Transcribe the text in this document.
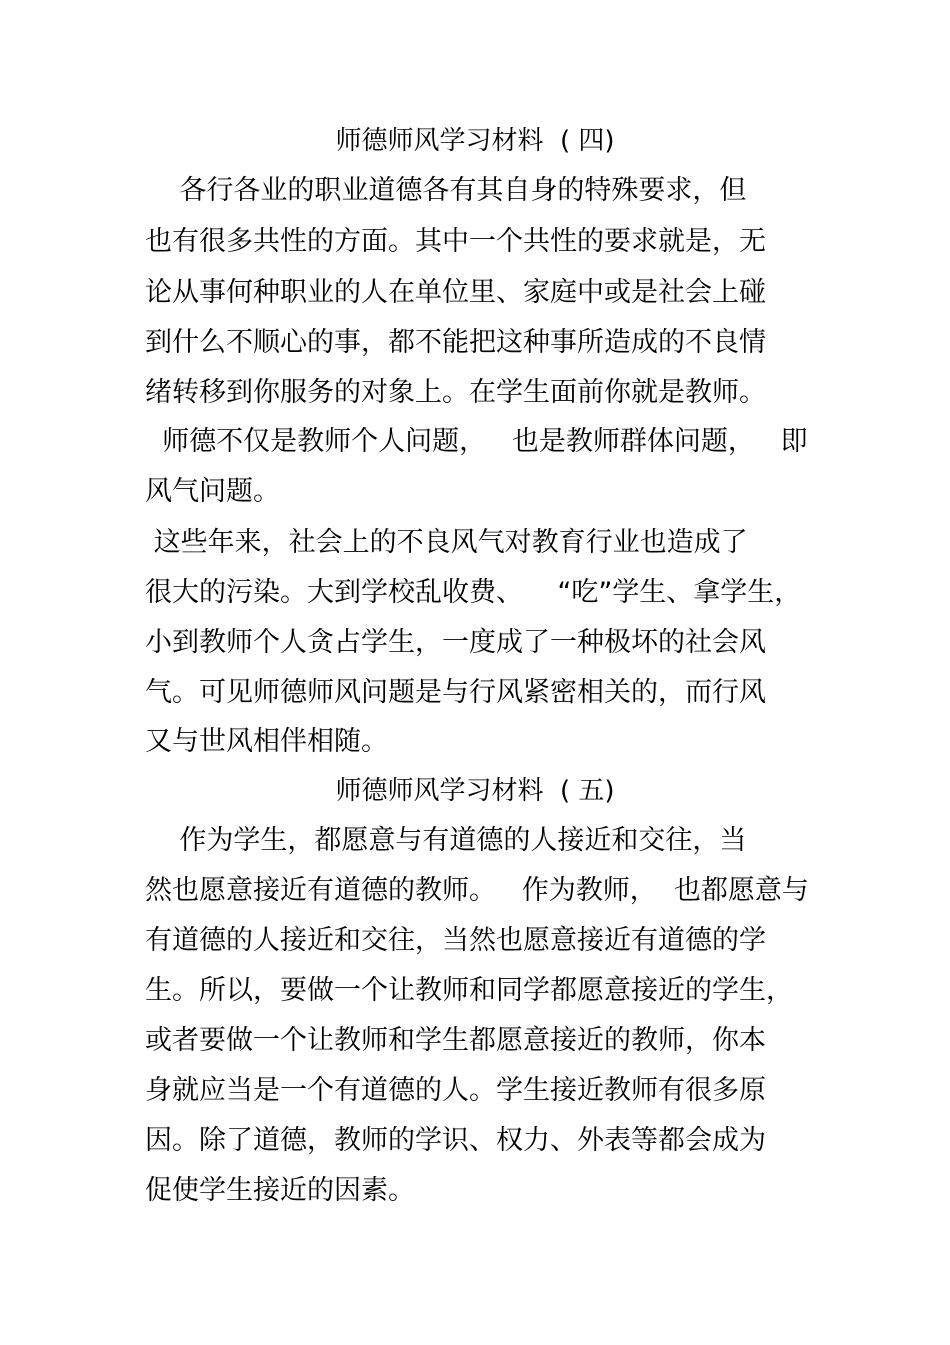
师德师风学习材料  ( 四)
各行各业的职业道德各有其自身的特殊要求，但
也有很多共性的方面。其中一个共性的要求就是，无
论从事何种职业的人在单位里、家庭中或是社会上碰
到什么不顺心的事，都不能把这种事所造成的不良情
绪转移到你服务的对象上。在学生面前你就是教师。
师德不仅是教师个人问题，   也是教师群体问题，   即
风气问题。
这些年来，社会上的不良风气对教育行业也造成了
很大的污染。大到学校乱收费、    “吃”学生、拿学生，
小到教师个人贪占学生，一度成了一种极坏的社会风
气。可见师德师风问题是与行风紧密相关的，而行风
又与世风相伴相随。
师德师风学习材料  ( 五)
作为学生，都愿意与有道德的人接近和交往，当
然也愿意接近有道德的教师。   作为教师，  也都愿意与
有道德的人接近和交往，当然也愿意接近有道德的学
生。所以，要做一个让教师和同学都愿意接近的学生，
或者要做一个让教师和学生都愿意接近的教师，你本
身就应当是一个有道德的人。学生接近教师有很多原
因。除了道德，教师的学识、权力、外表等都会成为
促使学生接近的因素。
